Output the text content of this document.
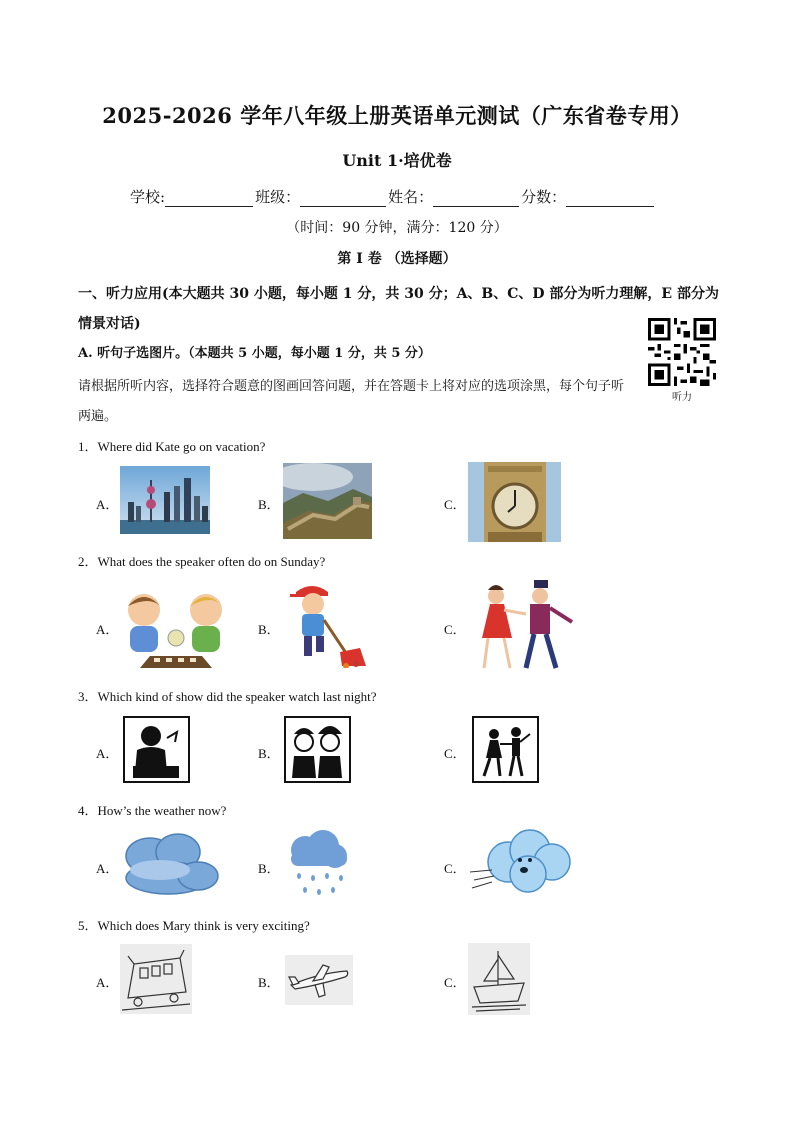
2025-2026 学年八年级上册英语单元测试（广东省卷专用）
Unit 1·培优卷
学校:	班级：	姓名：	分数：
（时间：90 分钟，满分：120 分）
第 I 卷 （选择题）
一、听力应用(本大题共 30 小题，每小题 1 分，共 30 分；A、B、C、D 部分为听力理解，E 部分为情景对话)
A. 听句子选图片。（本题共 5 小题，每小题 1 分，共 5 分）
请根据所听内容，选择符合题意的图画回答问题，并在答题卡上将对应的选项涂黑，每个句子听两遍。
听力
1．Where did Kate go on vacation?
A．	B．	C．
2．What does the speaker often do on Sunday?
A．	B．	C．
3．Which kind of show did the speaker watch last night?
A．	B．	C．
4．How’s the weather now?
A．	B．	C．
5．Which does Mary think is very exciting?
A．	B．	C．
